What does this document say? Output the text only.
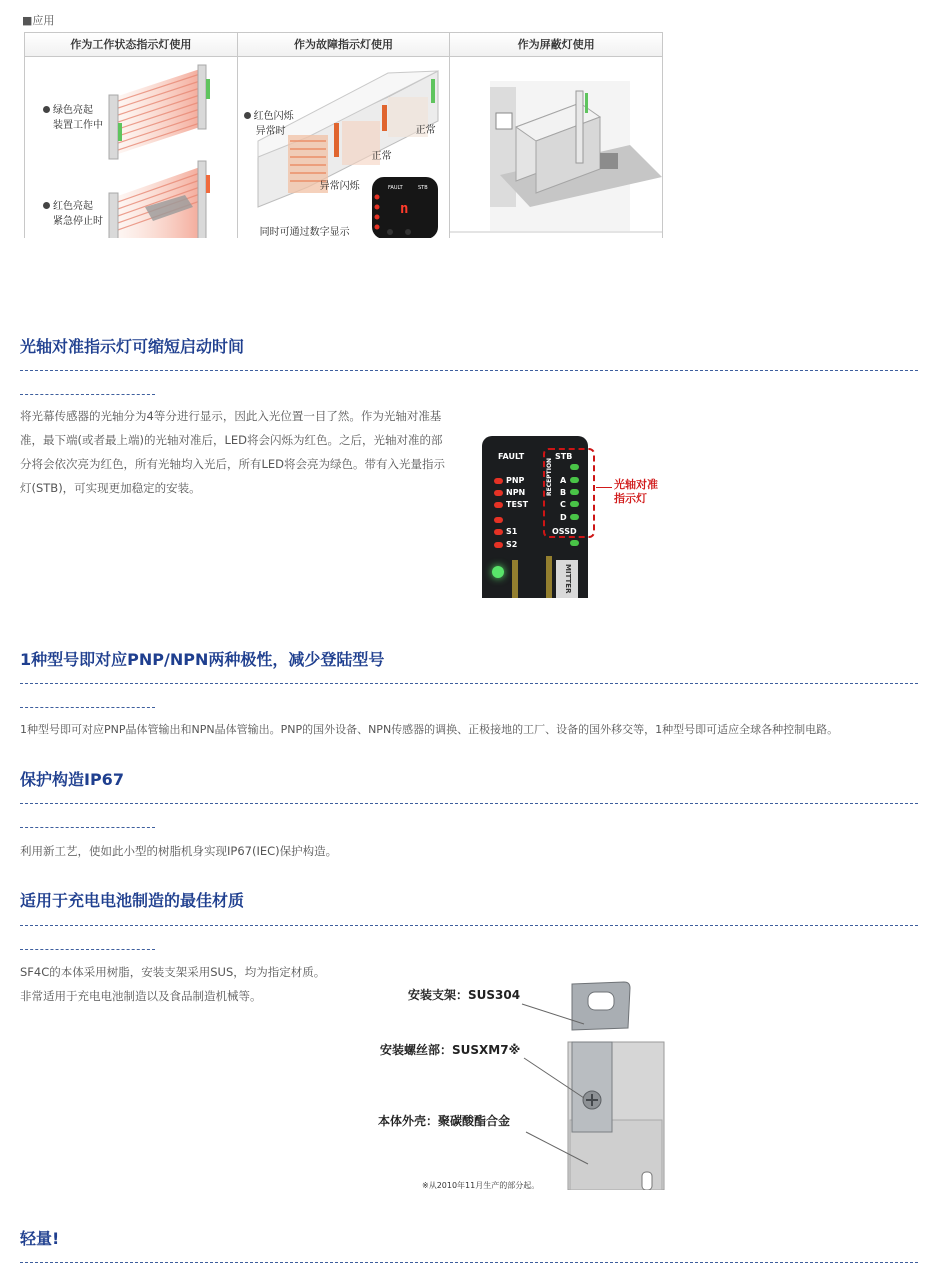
■应用
作为工作状态指示灯使用	作为故障指示灯使用	作为屏蔽灯使用
绿色亮起
装置工作中
红色亮起
紧急停止时
FAULT	STB
n
红色闪烁
异常时	正常
正常
异常闪烁
同时可通过数字显示
光轴对准指示灯可缩短启动时间
将光幕传感器的光轴分为4等分进行显示，因此入光位置一目了然。作为光轴对准基
准，最下端(或者最上端)的光轴对准后，LED将会闪烁为红色。之后，光轴对准的部
分将会依次亮为红色，所有光轴均入光后，所有LED将会亮为绿色。带有入光量指示
灯(STB)，可实现更加稳定的安装。
FAULT	STB
PNP
NPN
TEST
S1
S2
RECEPTION A
B
C
D
OSSD
MITTER
光轴对准
指示灯
1种型号即对应PNP/NPN两种极性，减少登陆型号
1种型号即可对应PNP晶体管输出和NPN晶体管输出。PNP的国外设备、NPN传感器的调换、正极接地的工厂、设备的国外移交等，1种型号即可适应全球各种控制电路。
保护构造IP67
利用新工艺，使如此小型的树脂机身实现IP67(IEC)保护构造。
适用于充电电池制造的最佳材质
SF4C的本体采用树脂，安装支架采用SUS，均为指定材质。
非常适用于充电电池制造以及食品制造机械等。	安装支架：SUS304
安装螺丝部：SUSXM7※
本体外壳：聚碳酸酯合金
※从2010年11月生产的部分起。
轻量!
